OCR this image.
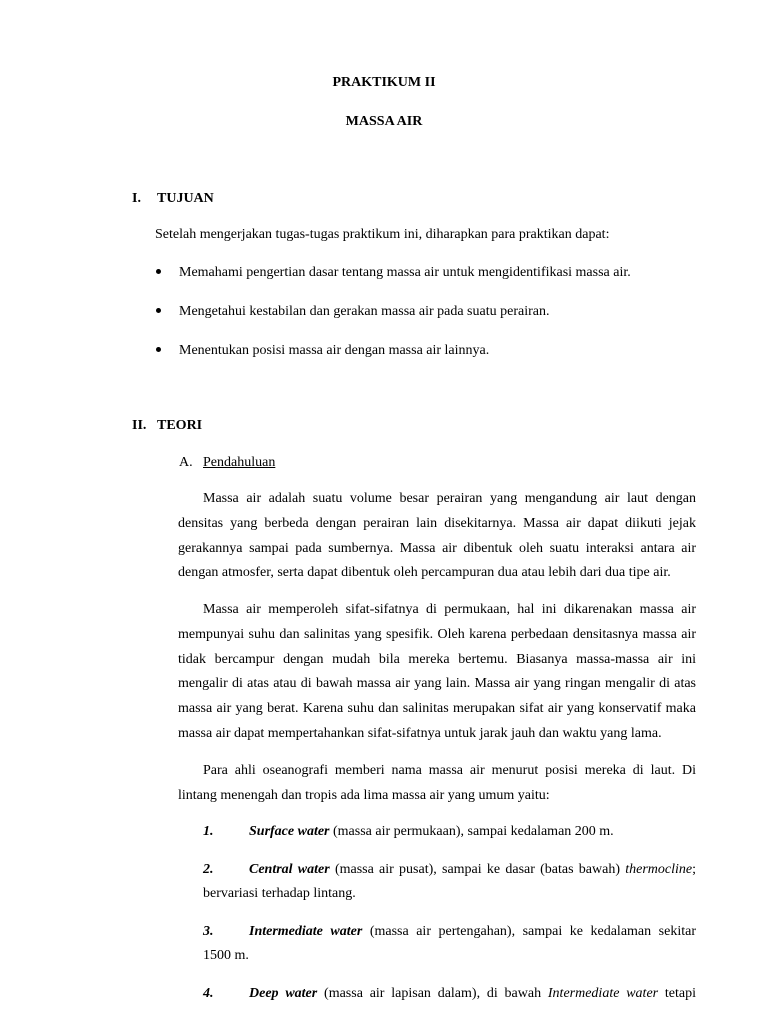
PRAKTIKUM II
MASSA AIR
I. TUJUAN
Setelah mengerjakan tugas-tugas praktikum ini, diharapkan para praktikan dapat:
Memahami pengertian dasar tentang massa air untuk mengidentifikasi massa air.
Mengetahui kestabilan dan gerakan massa air pada suatu perairan.
Menentukan posisi massa air dengan massa air lainnya.
II. TEORI
A. Pendahuluan
Massa air adalah suatu volume besar perairan yang mengandung air laut dengan
densitas yang berbeda dengan perairan lain disekitarnya. Massa air dapat diikuti jejak
gerakannya sampai pada sumbernya. Massa air dibentuk oleh suatu interaksi antara air
dengan atmosfer, serta dapat dibentuk oleh percampuran dua atau lebih dari dua tipe air.
Massa air memperoleh sifat-sifatnya di permukaan, hal ini dikarenakan massa air
mempunyai suhu dan salinitas yang spesifik. Oleh karena perbedaan densitasnya massa air
tidak bercampur dengan mudah bila mereka bertemu. Biasanya massa-massa air ini
mengalir di atas atau di bawah massa air yang lain. Massa air yang ringan mengalir di atas
massa air yang berat. Karena suhu dan salinitas merupakan sifat air yang konservatif maka
massa air dapat mempertahankan sifat-sifatnya untuk jarak jauh dan waktu yang lama.
Para ahli oseanografi memberi nama massa air menurut posisi mereka di laut. Di
lintang menengah dan tropis ada lima massa air yang umum yaitu:
1.	Surface water (massa air permukaan), sampai kedalaman 200 m.
2.	Central water (massa air pusat), sampai ke dasar (batas bawah) thermocline;
bervariasi terhadap lintang.
3.	Intermediate water (massa air pertengahan), sampai ke kedalaman sekitar
1500 m.
4.	Deep water (massa air lapisan dalam), di bawah Intermediate water tetapi
